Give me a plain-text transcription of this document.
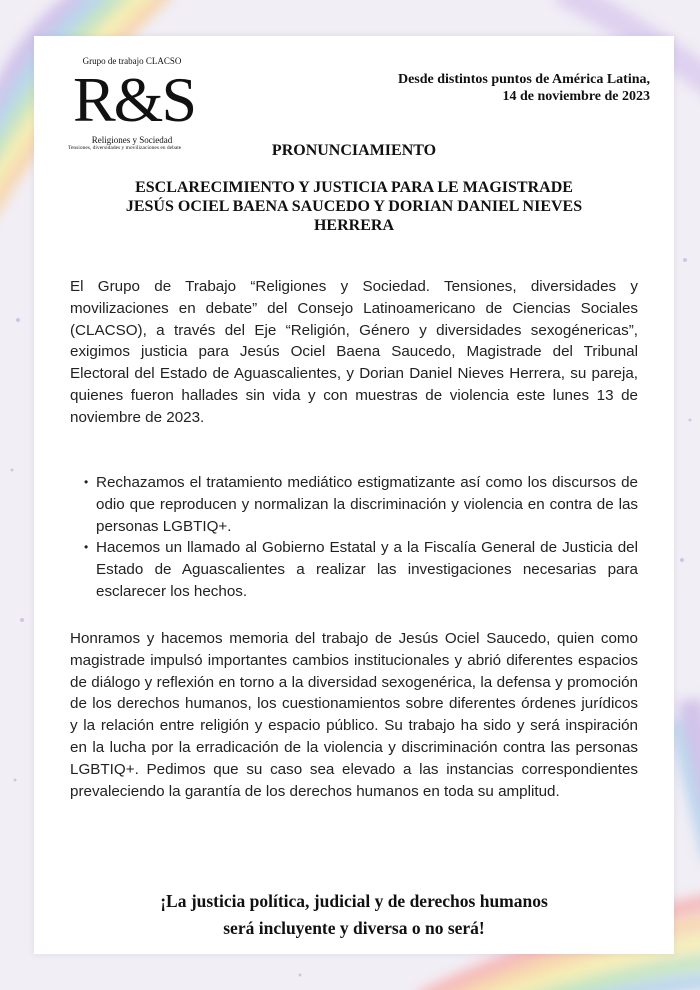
Grupo de trabajo CLACSO
R&S
Religiones y Sociedad
Tensiones, diversidades y movilizaciones en debate
Desde distintos puntos de América Latina,
14 de noviembre de 2023
PRONUNCIAMIENTO
ESCLARECIMIENTO Y JUSTICIA PARA LE MAGISTRADE
JESÚS OCIEL BAENA SAUCEDO Y DORIAN DANIEL NIEVES
HERRERA

El Grupo de Trabajo “Religiones y Sociedad. Tensiones, diversidades y movilizaciones en debate” del Consejo Latinoamericano de Ciencias Sociales (CLACSO), a través del Eje “Religión, Género y diversidades sexogénericas”, exigimos justicia para Jesús Ociel Baena Saucedo, Magistrade del Tribunal Electoral del Estado de Aguascalientes, y Dorian Daniel Nieves Herrera, su pareja, quienes fueron hallades sin vida y con muestras de violencia este lunes 13 de noviembre de 2023.

• Rechazamos el tratamiento mediático estigmatizante así como los discursos de odio que reproducen y normalizan la discriminación y violencia en contra de las personas LGBTIQ+.
• Hacemos un llamado al Gobierno Estatal y a la Fiscalía General de Justicia del Estado de Aguascalientes a realizar las investigaciones necesarias para esclarecer los hechos.

Honramos y hacemos memoria del trabajo de Jesús Ociel Saucedo, quien como magistrade impulsó importantes cambios institucionales y abrió diferentes espacios de diálogo y reflexión en torno a la diversidad sexogenérica, la defensa y promoción de los derechos humanos, los cuestionamientos sobre diferentes órdenes jurídicos y la relación entre religión y espacio público. Su trabajo ha sido y será inspiración en la lucha por la erradicación de la violencia y discriminación contra las personas LGBTIQ+. Pedimos que su caso sea elevado a las instancias correspondientes prevaleciendo la garantía de los derechos humanos en toda su amplitud.

¡La justicia política, judicial y de derechos humanos
será incluyente y diversa o no será!
